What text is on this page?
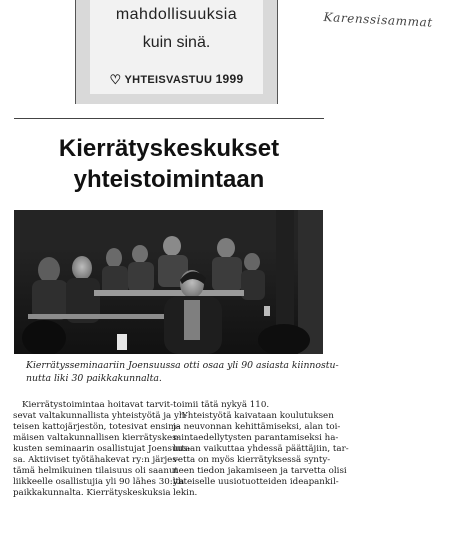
mahdollisuuksia
kuin sinä.
♡ YHTEISVASTUU 1999
Karenssisammat
Kierrätyskeskukset
yhteistoimintaan
Kierrätysseminaariin Joensuussa otti osaa yli 90 asiasta kiinnostu-
nutta liki 30 paikkakunnalta.
Kierrätystoimintaa hoitavat tarvit-
sevat valtakunnallista yhteistyötä ja yh-
teisen kattojärjestön, totesivat ensim-
mäisen valtakunnallisen kierrätyskes-
kusten seminaarin osallistujat Joensuus-
sa. Aktiiviset työtähakevat ry:n järjes-
tämä helmikuinen tilaisuus oli saanut
liikkeelle osallistujia yli 90 lähes 30:lta
paikkakunnalta. Kierrätyskeskuksia
toimii tätä nykyä 110.
Yhteistyötä kaivataan koulutuksen
ja neuvonnan kehittämiseksi, alan toi-
mintaedellytysten parantamiseksi ha-
lutaan vaikuttaa yhdessä päättäjiin, tar-
vetta on myös kierrätyksessä synty-
neen tiedon jakamiseen ja tarvetta olisi
yhteiselle uusiotuotteiden ideapankil-
lekin.
